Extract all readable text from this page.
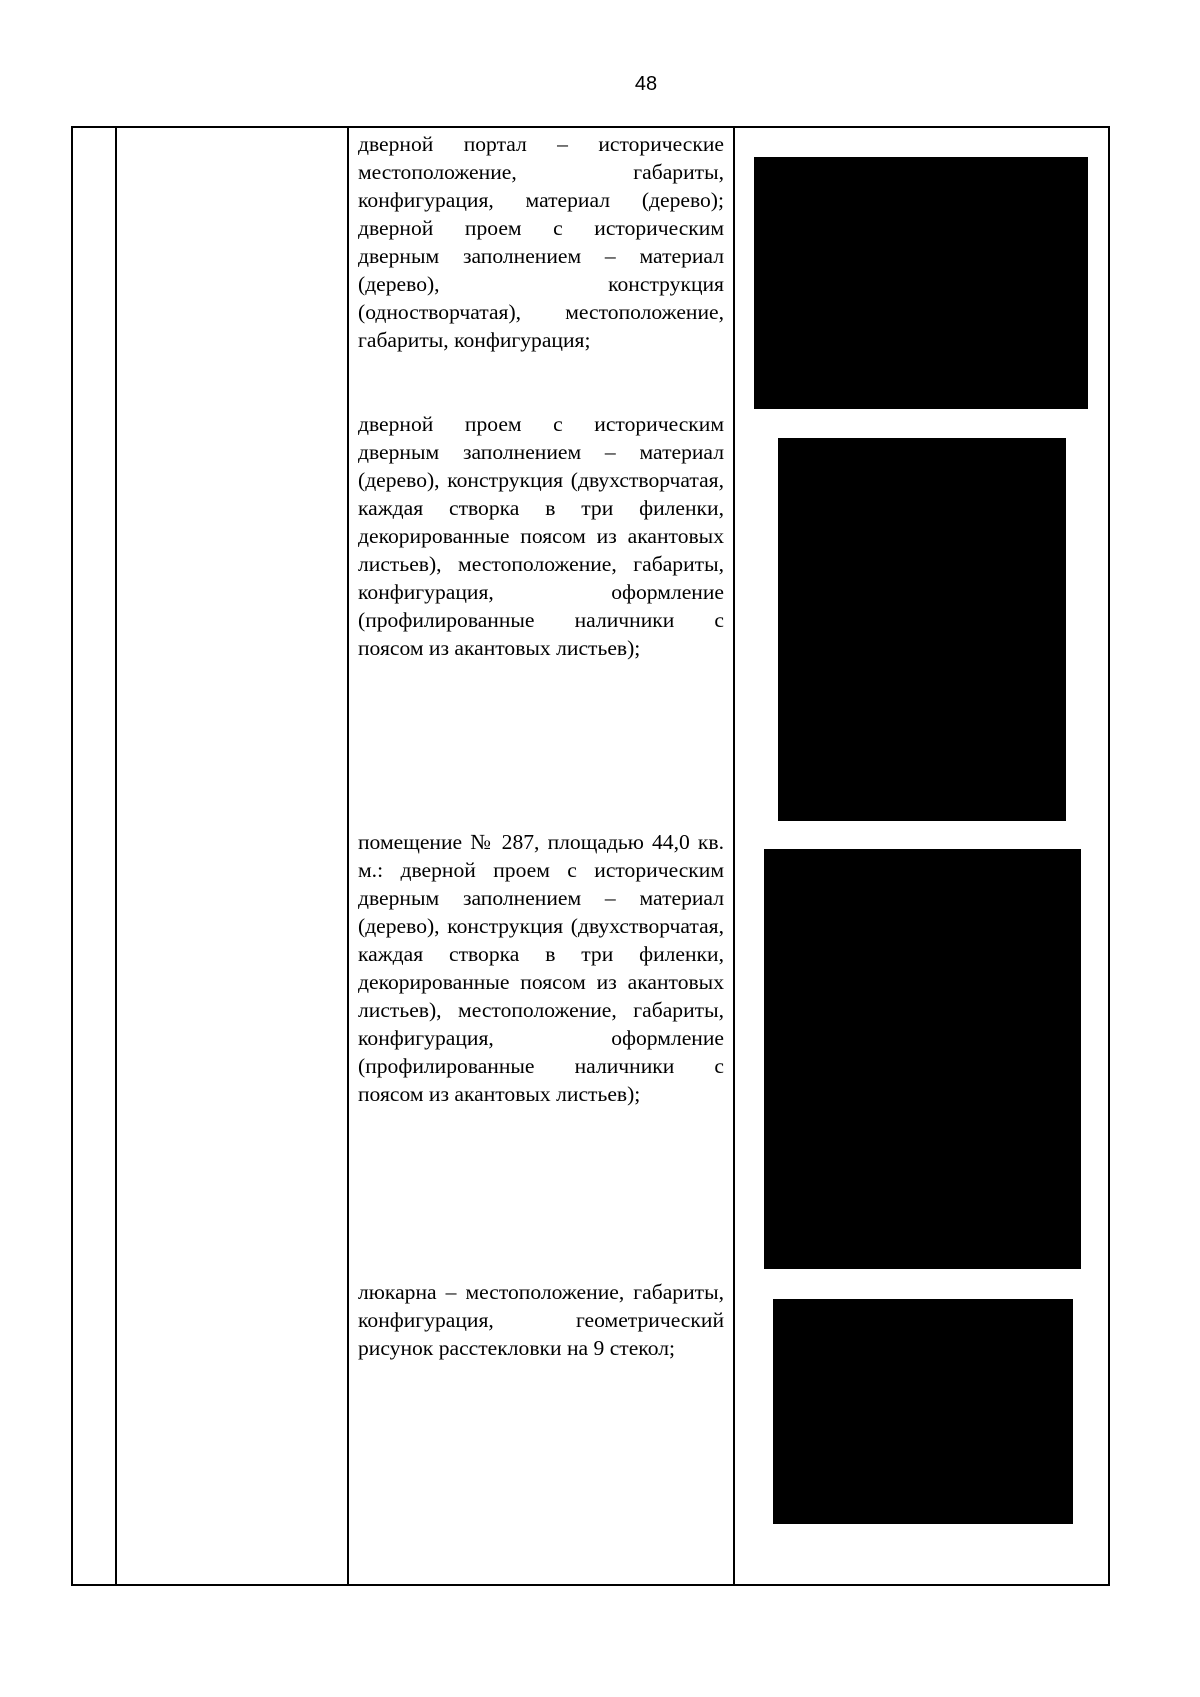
48
дверной портал – исторические местоположение, габариты, конфигурация, материал (дерево); дверной проем с историческим дверным заполнением – материал (дерево), конструкция (одностворчатая), местоположение, габариты, конфигурация;
дверной проем с историческим дверным заполнением – материал (дерево), конструкция (двухстворчатая, каждая створка в три филенки, декорированные поясом из акантовых листьев), местоположение, габариты, конфигурация, оформление (профилированные наличники с поясом из акантовых листьев);
помещение № 287, площадью 44,0 кв. м.: дверной проем с историческим дверным заполнением – материал (дерево), конструкция (двухстворчатая, каждая створка в три филенки, декорированные поясом из акантовых листьев), местоположение, габариты, конфигурация, оформление (профилированные наличники с поясом из акантовых листьев);
люкарна – местоположение, габариты, конфигурация, геометрический рисунок расстекловки на 9 стекол;
